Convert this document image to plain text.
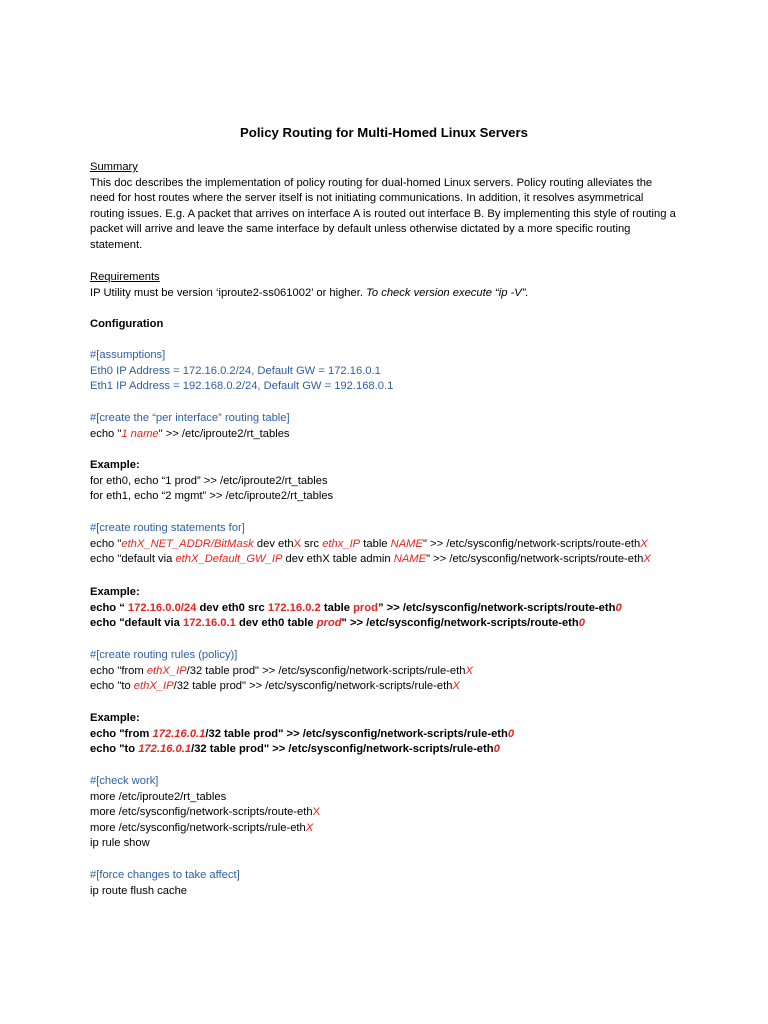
Policy Routing for Multi-Homed Linux Servers
Summary
This doc describes the implementation of policy routing for dual-homed Linux servers. Policy routing alleviates the need for host routes where the server itself is not initiating communications. In addition, it resolves asymmetrical routing issues. E.g. A packet that arrives on interface A is routed out interface B. By implementing this style of routing a packet will arrive and leave the same interface by default unless otherwise dictated by a more specific routing statement.
Requirements
IP Utility must be version ‘iproute2-ss061002’ or higher. To check version execute “ip -V”.
Configuration
#[assumptions]
Eth0 IP Address = 172.16.0.2/24, Default GW = 172.16.0.1
Eth1 IP Address = 192.168.0.2/24, Default GW = 192.168.0.1
#[create the “per interface” routing table]
echo "1 name" >> /etc/iproute2/rt_tables
Example:
for eth0, echo “1 prod” >> /etc/iproute2/rt_tables
for eth1, echo “2 mgmt” >> /etc/iproute2/rt_tables
#[create routing statements for]
echo "ethX_NET_ADDR/BitMask dev ethX src ethx_IP table NAME" >> /etc/sysconfig/network-scripts/route-ethX
echo "default via ethX_Default_GW_IP dev ethX table admin NAME" >> /etc/sysconfig/network-scripts/route-ethX
Example:
echo “ 172.16.0.0/24 dev eth0 src 172.16.0.2 table prod” >> /etc/sysconfig/network-scripts/route-eth0
echo "default via 172.16.0.1 dev eth0 table prod" >> /etc/sysconfig/network-scripts/route-eth0
#[create routing rules (policy)]
echo "from ethX_IP/32 table prod" >> /etc/sysconfig/network-scripts/rule-ethX
echo "to ethX_IP/32 table prod" >> /etc/sysconfig/network-scripts/rule-ethX
Example:
echo "from 172.16.0.1/32 table prod" >> /etc/sysconfig/network-scripts/rule-eth0
echo "to 172.16.0.1/32 table prod" >> /etc/sysconfig/network-scripts/rule-eth0
#[check work]
more /etc/iproute2/rt_tables
more /etc/sysconfig/network-scripts/route-ethX
more /etc/sysconfig/network-scripts/rule-ethX
ip rule show
#[force changes to take affect]
ip route flush cache
